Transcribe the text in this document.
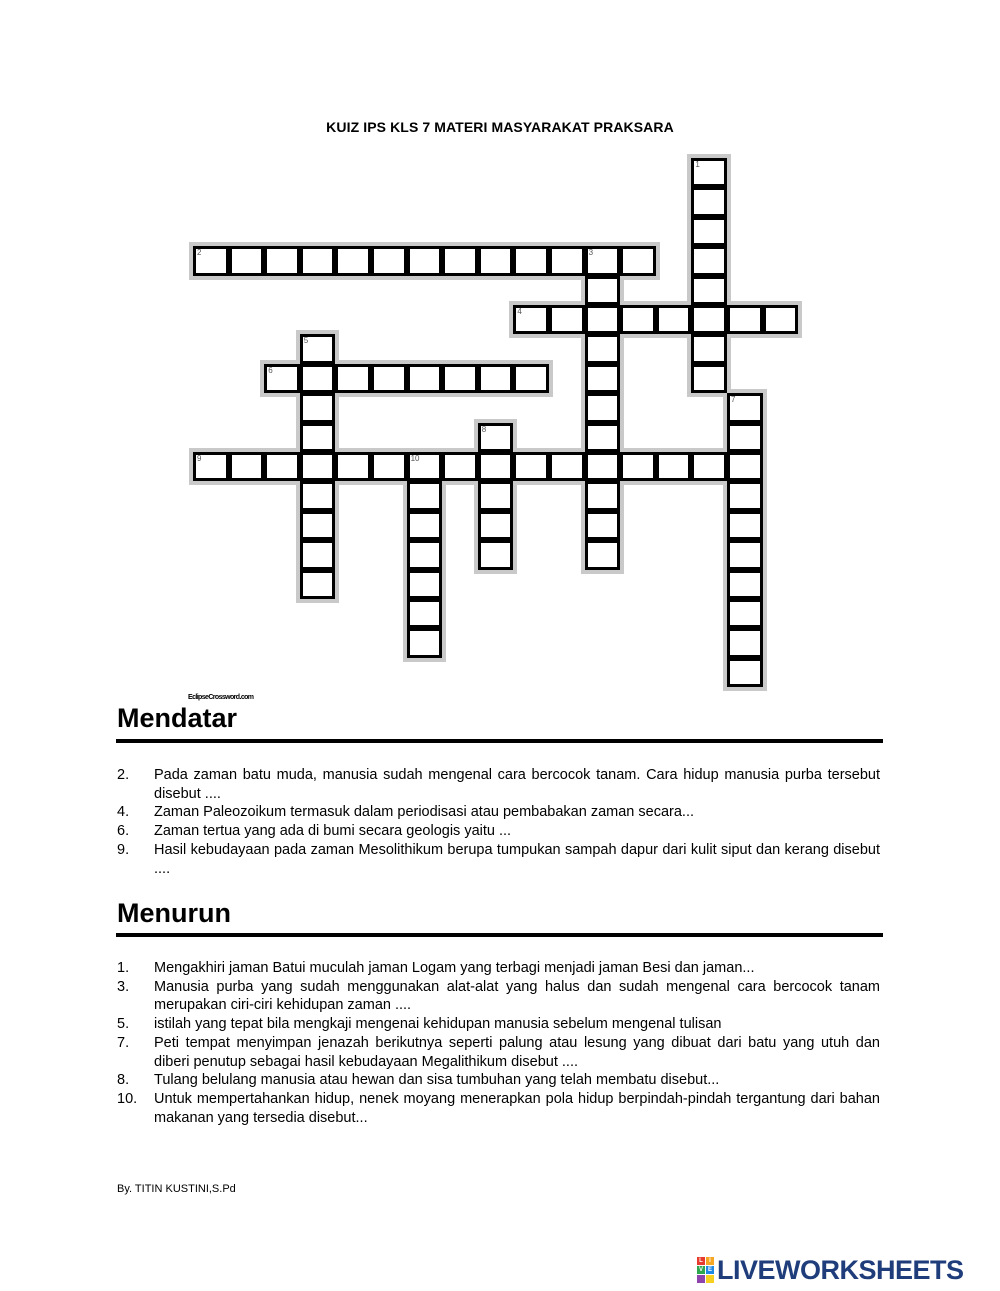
KUIZ IPS KLS 7 MATERI MASYARAKAT PRAKSARA
1
2	3
4
5
6
7
8
9	10
EclipseCrossword.com
Mendatar
2. Pada zaman batu muda, manusia sudah mengenal cara bercocok tanam. Cara hidup manusia purba tersebut disebut ....
4. Zaman Paleozoikum termasuk dalam periodisasi atau pembabakan zaman secara...
6. Zaman tertua yang ada di bumi secara geologis yaitu ...
9. Hasil kebudayaan pada zaman Mesolithikum berupa tumpukan sampah dapur dari kulit siput dan kerang disebut ....
Menurun
1. Mengakhiri jaman Batui muculah jaman Logam yang terbagi menjadi jaman Besi dan jaman...
3. Manusia purba yang sudah menggunakan alat-alat yang halus dan sudah mengenal cara bercocok tanam merupakan ciri-ciri kehidupan zaman ....
5. istilah yang tepat bila mengkaji mengenai kehidupan manusia sebelum mengenal tulisan
7. Peti tempat menyimpan jenazah berikutnya seperti palung atau lesung yang dibuat dari batu yang utuh dan diberi penutup sebagai hasil kebudayaan Megalithikum disebut ....
8. Tulang belulang manusia atau hewan dan sisa tumbuhan yang telah membatu disebut...
10. Untuk mempertahankan hidup, nenek moyang menerapkan pola hidup berpindah-pindah tergantung dari bahan makanan yang tersedia disebut...
By. TITIN KUSTINI,S.Pd
L	I
V E LIVEWORKSHEETS
